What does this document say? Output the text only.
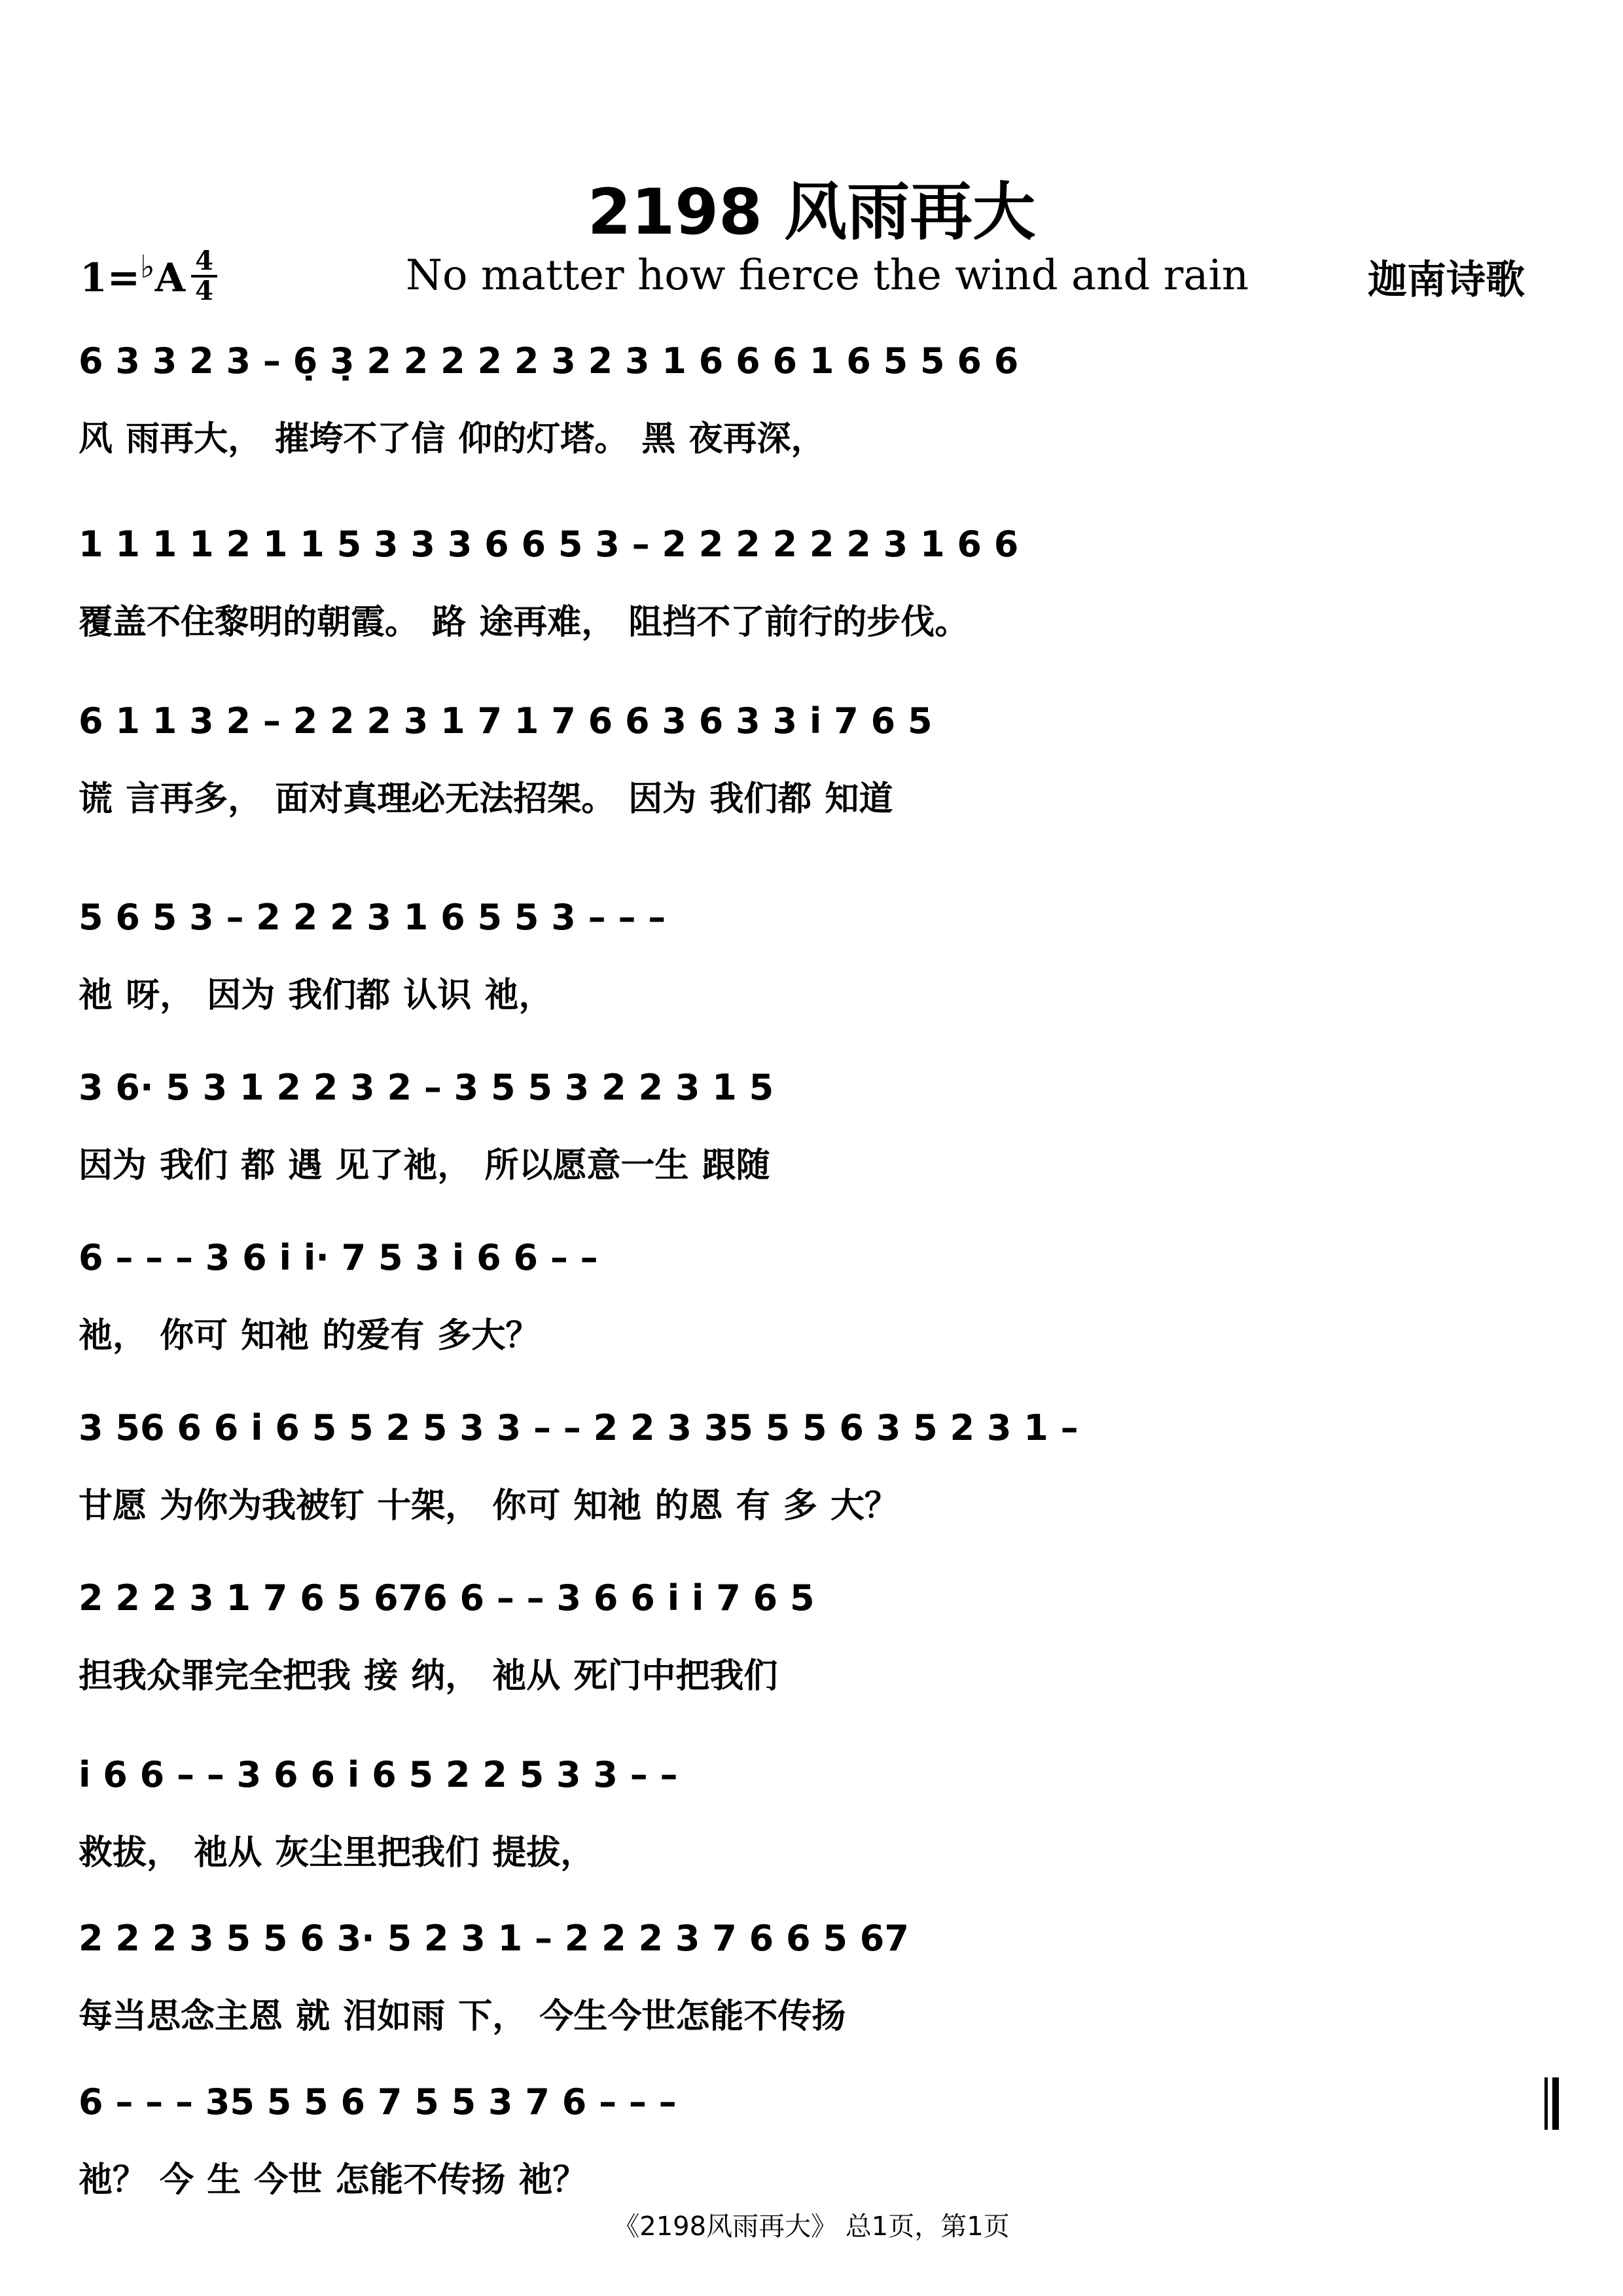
2198 风雨再大
1=♭A 4
4	No matter how fierce the wind and rain	迦南诗歌
6 3 3 2 3 – 6̣ 3̣ 2 2 2 2 2 3 2 3 1 6 6 6 1 6 5 5 6 6
风 雨再大， 摧垮不了信 仰的灯塔。 黑 夜再深，
1 1 1 1 2 1 1 5 3 3 3 6 6 5 3 – 2 2 2 2 2 2 3 1 6 6
覆盖不住黎明的朝霞。 路 途再难， 阻挡不了前行的步伐。
6 1 1 3 2 – 2 2 2 3 1 7 1 7 6 6 3 6 3 3 i 7 6 5
谎 言再多， 面对真理必无法招架。 因为 我们都 知道
5 6 5 3 – 2 2 2 3 1 6 5 5 3 – – –
祂 呀， 因为 我们都 认识 祂，
3 6· 5 3 1 2 2 3 2 – 3 5 5 3 2 2 3 1 5
因为 我们 都 遇 见了祂， 所以愿意一生 跟随
6 – – – 3 6 i i· 7 5 3 i 6 6 – –
祂， 你可 知祂 的爱有 多大？
3 56 6 6 i 6 5 5 2 5 3 3 – – 2 2 3 35 5 5 6 3 5 2 3 1 –
甘愿 为你为我被钉 十架， 你可 知祂 的恩 有 多 大？
2 2 2 3 1 7 6 5 676 6 – – 3 6 6 i i 7 6 5
担我众罪完全把我 接 纳， 祂从 死门中把我们
i 6 6 – – 3 6 6 i 6 5 2 2 5 3 3 – –
救拔， 祂从 灰尘里把我们 提拔，
2 2 2 3 5 5 6 3· 5 2 3 1 – 2 2 2 3 7 6 6 5 67
每当思念主恩 就 泪如雨 下， 今生今世怎能不传扬
6 – – – 35 5 5 6 7 5 5 3 7 6 – – –
祂？ 今 生 今世 怎能不传扬 祂？
《2198风雨再大》 总1页，第1页
